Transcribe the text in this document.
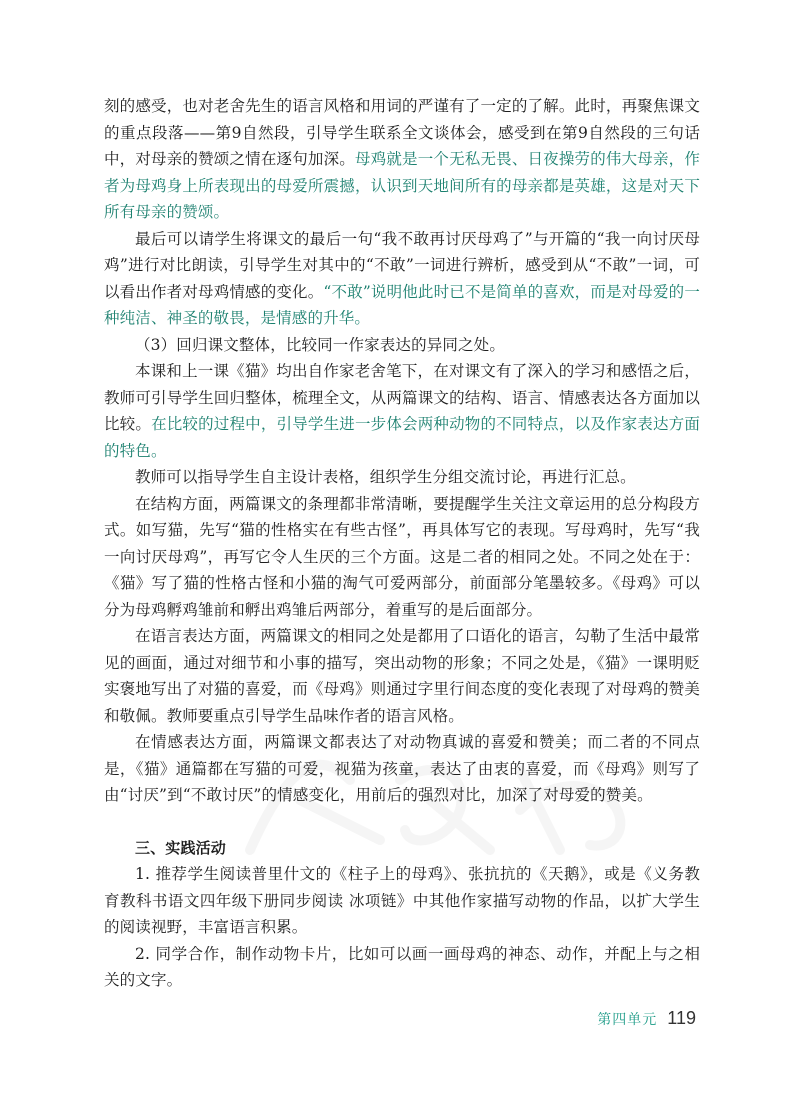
刻的感受，也对老舍先生的语言风格和用词的严谨有了一定的了解。此时，再聚焦课文的重点段落——第9自然段，引导学生联系全文谈体会，感受到在第9自然段的三句话中，对母亲的赞颂之情在逐句加深。母鸡就是一个无私无畏、日夜操劳的伟大母亲，作者为母鸡身上所表现出的母爱所震撼，认识到天地间所有的母亲都是英雄，这是对天下所有母亲的赞颂。

最后可以请学生将课文的最后一句“我不敢再讨厌母鸡了”与开篇的“我一向讨厌母鸡”进行对比朗读，引导学生对其中的“不敢”一词进行辨析，感受到从“不敢”一词，可以看出作者对母鸡情感的变化。“不敢”说明他此时已不是简单的喜欢，而是对母爱的一种纯洁、神圣的敬畏，是情感的升华。

（3）回归课文整体，比较同一作家表达的异同之处。

本课和上一课《猫》均出自作家老舍笔下，在对课文有了深入的学习和感悟之后，教师可引导学生回归整体，梳理全文，从两篇课文的结构、语言、情感表达各方面加以比较。在比较的过程中，引导学生进一步体会两种动物的不同特点，以及作家表达方面的特色。

教师可以指导学生自主设计表格，组织学生分组交流讨论，再进行汇总。

在结构方面，两篇课文的条理都非常清晰，要提醒学生关注文章运用的总分构段方式。如写猫，先写“猫的性格实在有些古怪”，再具体写它的表现。写母鸡时，先写“我一向讨厌母鸡”，再写它令人生厌的三个方面。这是二者的相同之处。不同之处在于：《猫》写了猫的性格古怪和小猫的淘气可爱两部分，前面部分笔墨较多。《母鸡》可以分为母鸡孵鸡雏前和孵出鸡雏后两部分，着重写的是后面部分。

在语言表达方面，两篇课文的相同之处是都用了口语化的语言，勾勒了生活中最常见的画面，通过对细节和小事的描写，突出动物的形象；不同之处是，《猫》一课明贬实褒地写出了对猫的喜爱，而《母鸡》则通过字里行间态度的变化表现了对母鸡的赞美和敬佩。教师要重点引导学生品味作者的语言风格。

在情感表达方面，两篇课文都表达了对动物真诚的喜爱和赞美；而二者的不同点是，《猫》通篇都在写猫的可爱，视猫为孩童，表达了由衷的喜爱，而《母鸡》则写了由“讨厌”到“不敢讨厌”的情感变化，用前后的强烈对比，加深了对母爱的赞美。

三、实践活动

1. 推荐学生阅读普里什文的《柱子上的母鸡》、张抗抗的《天鹅》，或是《义务教育教科书语文四年级下册同步阅读 冰项链》中其他作家描写动物的作品，以扩大学生的阅读视野，丰富语言积累。

2. 同学合作，制作动物卡片，比如可以画一画母鸡的神态、动作，并配上与之相关的文字。

第四单元 119
